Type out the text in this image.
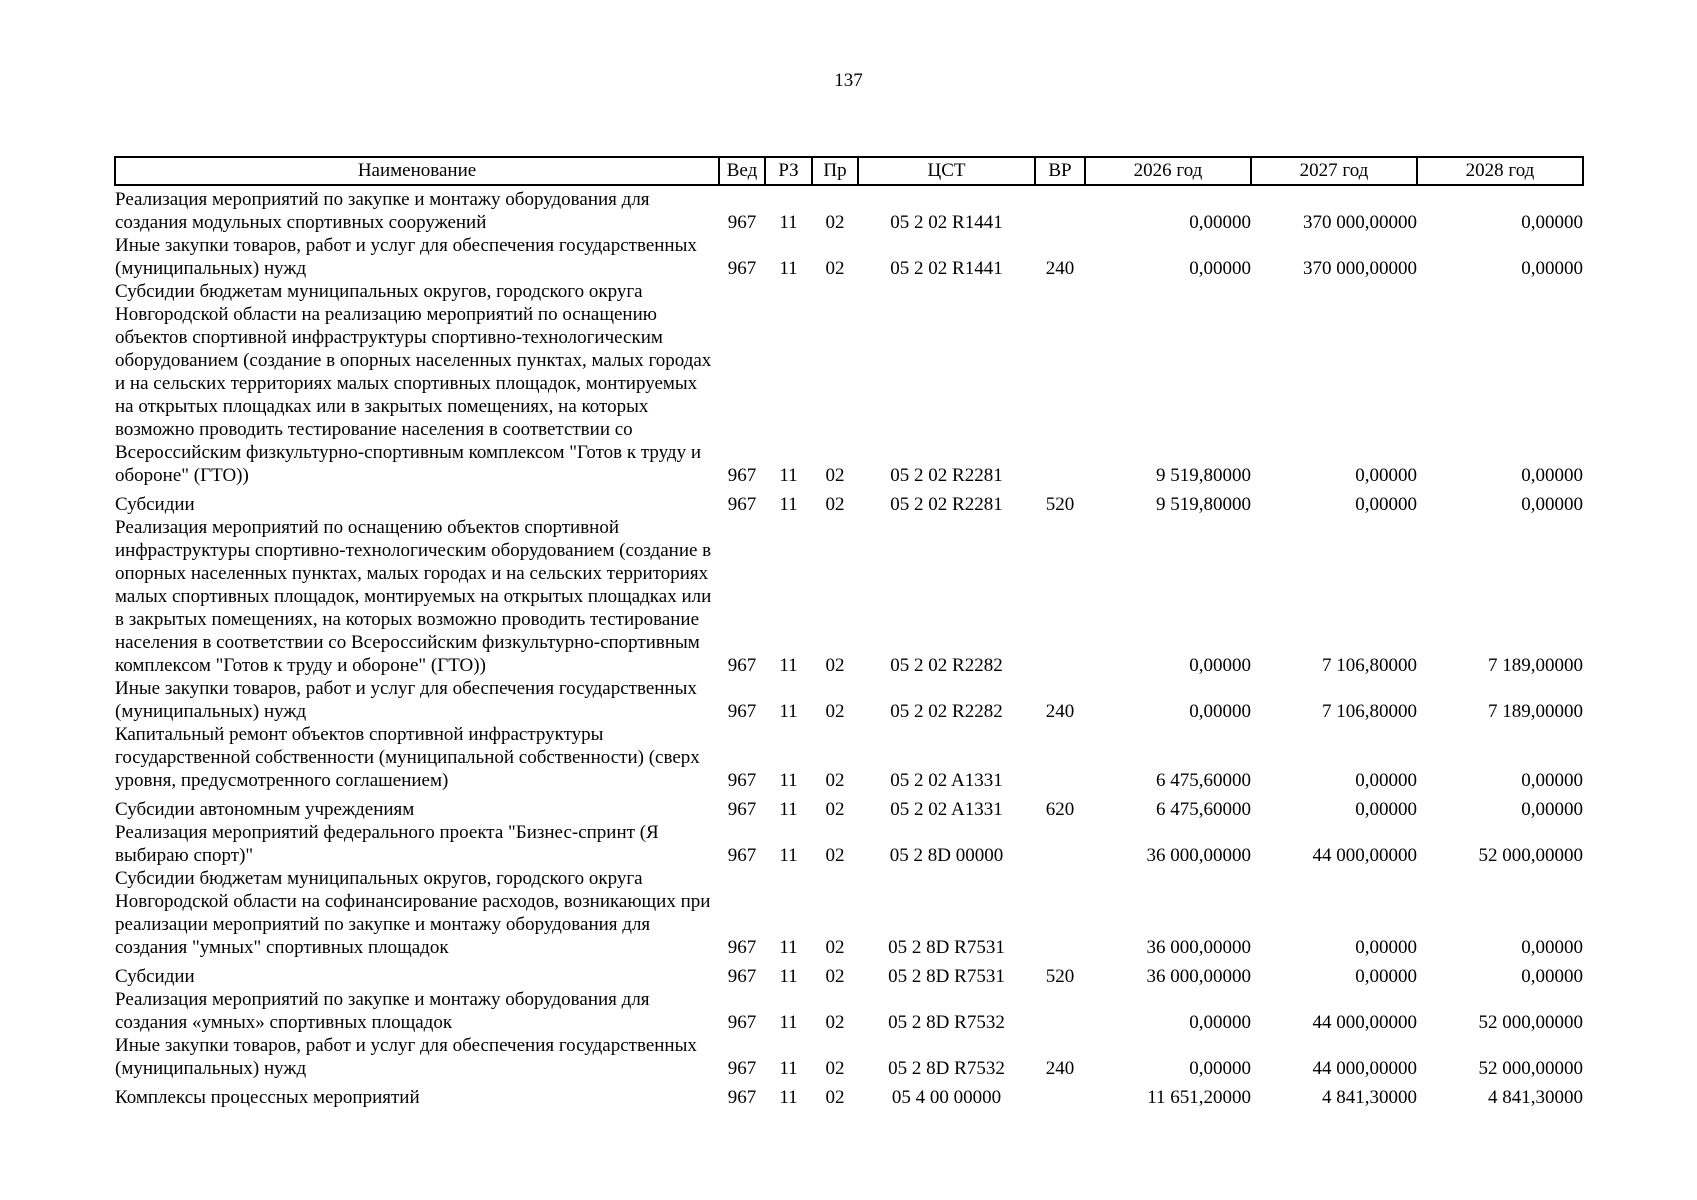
137
Наименование	Вед	РЗ	Пр	ЦСТ	ВР	2026 год	2027 год	2028 год
Реализация мероприятий по закупке и монтажу оборудования для создания модульных спортивных сооружений	967	11	02	05 2 02 R1441		0,00000	370 000,00000	0,00000
Иные закупки товаров, работ и услуг для обеспечения государственных (муниципальных) нужд	967	11	02	05 2 02 R1441	240	0,00000	370 000,00000	0,00000
Субсидии бюджетам муниципальных округов, городского округа Новгородской области на реализацию мероприятий по оснащению объектов спортивной инфраструктуры спортивно-технологическим оборудованием (создание в опорных населенных пунктах, малых городах и на сельских территориях малых спортивных площадок, монтируемых на открытых площадках или в закрытых помещениях, на которых возможно проводить тестирование населения в соответствии со Всероссийским физкультурно-спортивным комплексом "Готов к труду и обороне" (ГТО))	967	11	02	05 2 02 R2281		9 519,80000	0,00000	0,00000
Субсидии	967	11	02	05 2 02 R2281	520	9 519,80000	0,00000	0,00000
Реализация мероприятий по оснащению объектов спортивной инфраструктуры спортивно-технологическим оборудованием (создание в опорных населенных пунктах, малых городах и на сельских территориях малых спортивных площадок, монтируемых на открытых площадках или в закрытых помещениях, на которых возможно проводить тестирование населения в соответствии со Всероссийским физкультурно-спортивным комплексом "Готов к труду и обороне" (ГТО))	967	11	02	05 2 02 R2282		0,00000	7 106,80000	7 189,00000
Иные закупки товаров, работ и услуг для обеспечения государственных (муниципальных) нужд	967	11	02	05 2 02 R2282	240	0,00000	7 106,80000	7 189,00000
Капитальный ремонт объектов спортивной инфраструктуры государственной собственности (муниципальной собственности) (сверх уровня, предусмотренного соглашением)	967	11	02	05 2 02 A1331		6 475,60000	0,00000	0,00000
Субсидии автономным учреждениям	967	11	02	05 2 02 A1331	620	6 475,60000	0,00000	0,00000
Реализация мероприятий федерального проекта "Бизнес-спринт (Я выбираю спорт)"	967	11	02	05 2 8D 00000		36 000,00000	44 000,00000	52 000,00000
Субсидии бюджетам муниципальных округов, городского округа Новгородской области на софинансирование расходов, возникающих при реализации мероприятий по закупке и монтажу оборудования для создания "умных" спортивных площадок	967	11	02	05 2 8D R7531		36 000,00000	0,00000	0,00000
Субсидии	967	11	02	05 2 8D R7531	520	36 000,00000	0,00000	0,00000
Реализация мероприятий по закупке и монтажу оборудования для создания «умных» спортивных площадок	967	11	02	05 2 8D R7532		0,00000	44 000,00000	52 000,00000
Иные закупки товаров, работ и услуг для обеспечения государственных (муниципальных) нужд	967	11	02	05 2 8D R7532	240	0,00000	44 000,00000	52 000,00000
Комплексы процессных мероприятий	967	11	02	05 4 00 00000		11 651,20000	4 841,30000	4 841,30000
